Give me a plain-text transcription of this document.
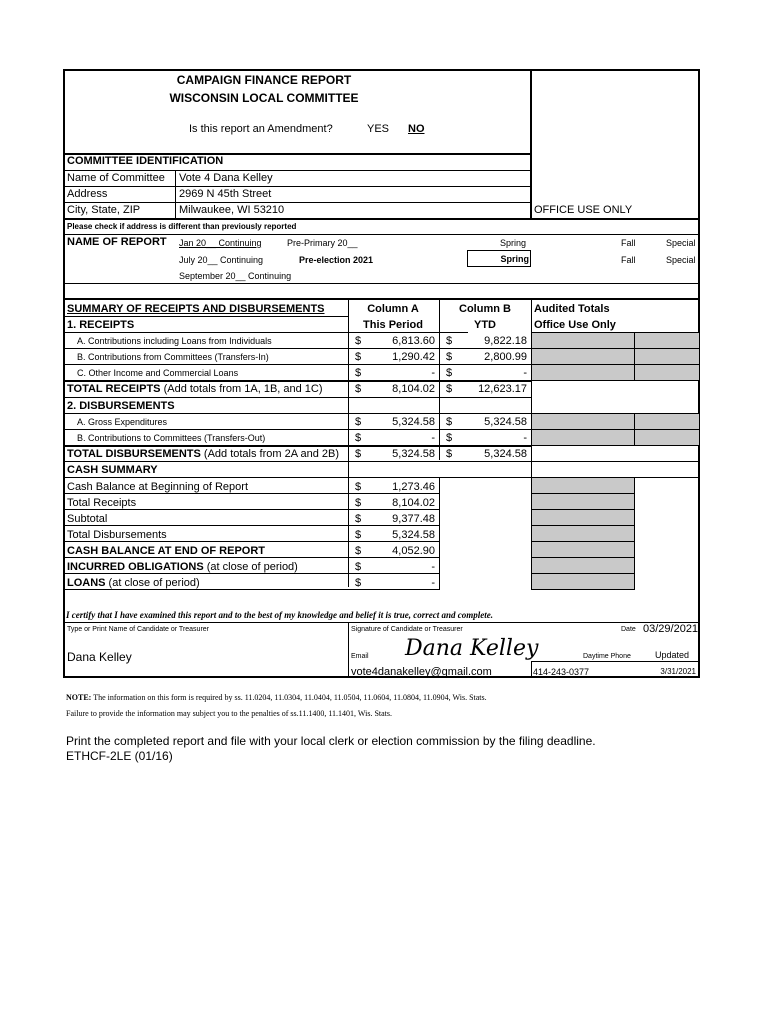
CAMPAIGN FINANCE REPORT
WISCONSIN LOCAL COMMITTEE
Is this report an Amendment?	YES NO
COMMITTEE IDENTIFICATION
Name of Committee Vote 4 Dana Kelley
Address	2969 N 45th Street
City, State, ZIP	Milwaukee, WI 53210	OFFICE USE ONLY
Please check if address is different than previously reported
NAME OF REPORT Jan 20__ Continuing	Pre-Primary 20__	Spring	Fall	Special
July 20__ Continuing	Pre-election 2021	Spring	Fall	Special
September 20__ Continuing
SUMMARY OF RECEIPTS AND DISBURSEMENTS	Column A
This Period
Column B
YTD
Audited Totals
Office Use Only
1. RECEIPTS
A. Contributions including Loans from Individuals	$	6,813.60 $	9,822.18
B. Contributions from Committees (Transfers-In)	$	1,290.42 $	2,800.99
C. Other Income and Commercial Loans	$	- $	-
TOTAL RECEIPTS (Add totals from 1A, 1B, and 1C)	$	8,104.02 $	12,623.17
2. DISBURSEMENTS
A. Gross Expenditures	$	5,324.58 $	5,324.58
B. Contributions to Committees (Transfers-Out)	$	- $	-
TOTAL DISBURSEMENTS (Add totals from 2A and 2B) $	5,324.58 $	5,324.58
CASH SUMMARY
Cash Balance at Beginning of Report	$	1,273.46
Total Receipts	$	8,104.02
Subtotal	$	9,377.48
Total Disbursements	$	5,324.58
CASH BALANCE AT END OF REPORT	$	4,052.90
INCURRED OBLIGATIONS (at close of period)	$	-
LOANS (at close of period)	$	-
I certify that I have examined this report and to the best of my knowledge and belief it is true, correct and complete.
Type or Print Name of Candidate or Treasurer	Signature of Candidate or Treasurer	Date 03/29/2021
Dana Kelley	Dana Kelley
Email
vote4danakelley@gmail.com
Daytime Phone
414-243-0377
Updated
3/31/2021
NOTE: The information on this form is required by ss. 11.0204, 11.0304, 11.0404, 11.0504, 11.0604, 11.0804, 11.0904, Wis. Stats.
Failure to provide the information may subject you to the penalties of ss.11.1400, 11.1401, Wis. Stats.
Print the completed report and file with your local clerk or election commission by the filing deadline.
ETHCF-2LE (01/16)
